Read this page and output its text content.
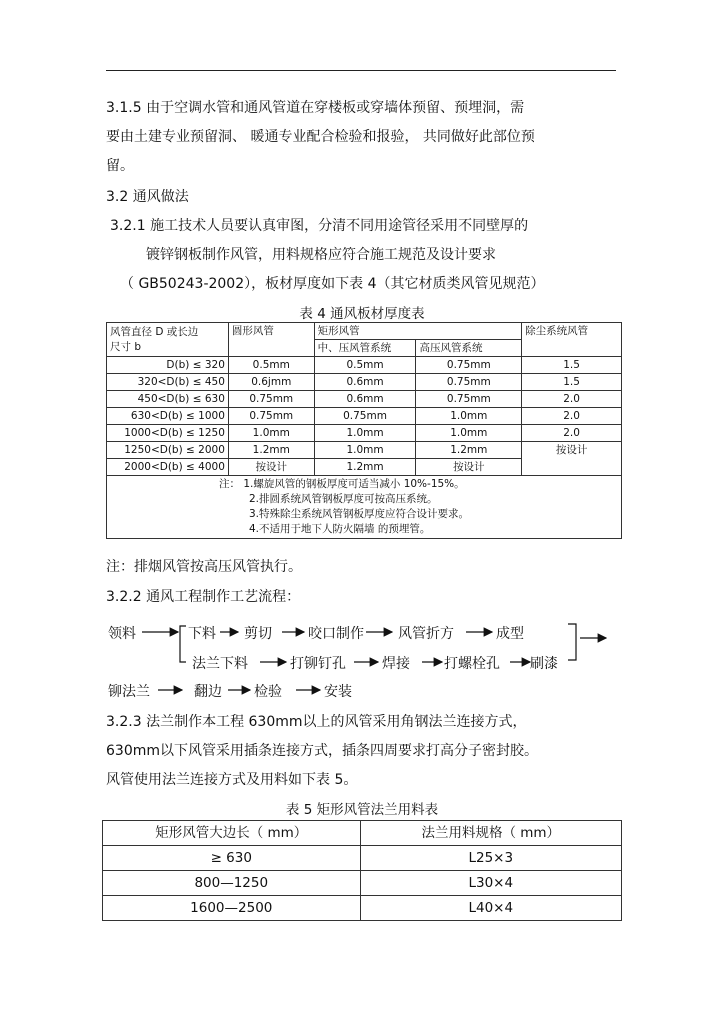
3.1.5 由于空调水管和通风管道在穿楼板或穿墙体预留、预埋洞，需
要由土建专业预留洞、 暖通专业配合检验和报验， 共同做好此部位预
留。
3.2 通风做法
3.2.1 施工技术人员要认真审图，分清不同用途管径采用不同壁厚的
镀锌钢板制作风管，用料规格应符合施工规范及设计要求
（ GB50243-2002），板材厚度如下表 4（其它材质类风管见规范）
表 4 通风板材厚度表
风管直径 D 或长边
尺寸 b	圆形风管	矩形风管		除尘系统风管
		中、压风管系统	高压风管系统	
D(b) ≤ 320	0.5mm	0.5mm	0.75mm	1.5
320<D(b) ≤ 450	0.6jmm	0.6mm	0.75mm	1.5
450<D(b) ≤ 630	0.75mm	0.6mm	0.75mm	2.0
630<D(b) ≤ 1000	0.75mm	0.75mm	1.0mm	2.0
1000<D(b) ≤ 1250	1.0mm	1.0mm	1.0mm	2.0
1250<D(b) ≤ 2000	1.2mm	1.0mm	1.2mm	按设计
2000<D(b) ≤ 4000	按设计	1.2mm	按设计	

注： 1.螺旋风管的钢板厚度可适当减小 10%-15%。
2.排圆系统风管钢板厚度可按高压系统。
3.特殊除尘系统风管钢板厚度应符合设计要求。
4.不适用于地下人防火隔墙 的预埋管。				
注：排烟风管按高压风管执行。
3.2.2 通风工程制作工艺流程：
领料	下料 剪切	咬口制作 风管折方	成型
法兰下料	打铆钉孔	焊接 打螺栓孔 刷漆
铆法兰	翻边 检验	安装
3.2.3 法兰制作本工程 630mm以上的风管采用角钢法兰连接方式，
630mm以下风管采用插条连接方式，插条四周要求打高分子密封胶。
风管使用法兰连接方式及用料如下表 5。
表 5 矩形风管法兰用料表
矩形风管大边长（ mm）	法兰用料规格（ mm）
≥ 630	L25×3
800—1250	L30×4
1600—2500	L40×4
